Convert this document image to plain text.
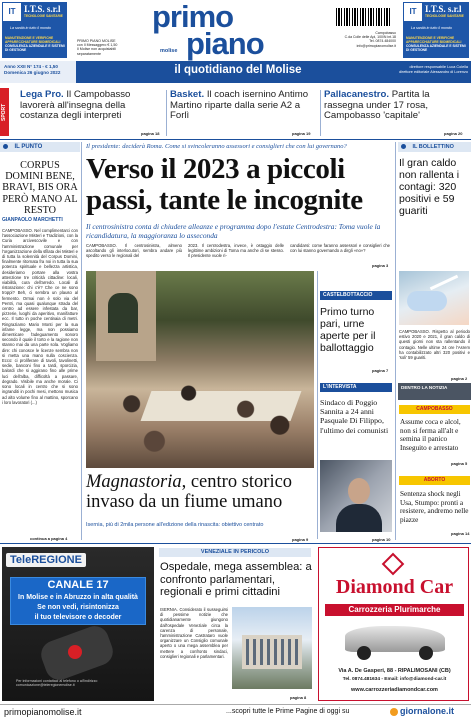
IT I.T.S. s.r.l
TECNOLOGIE SANITARIE
La sanità in tutto il mondo
MANUTENZIONE E VERIFICHE APPARECCHIATURE BIOMEDICALI
CONSULENZA AZIENDALE E SISTEMI DI GESTIONE
IT I.T.S. s.r.l
TECNOLOGIE SANITARIE
La sanità in tutto il mondo
MANUTENZIONE E VERIFICHE APPARECCHIATURE BIOMEDICALI
CONSULENZA AZIENDALE E SISTEMI DI GESTIONE
PRIMO PIANO MOLISE
con Il Messaggero € 1,50
Il Molise non acquistabili
separatamente
primo
piano
molise
Campobasso
C.da Colle delle Api, 100/N int.18
Tel. 0874.484000
info@primopianomolise.it
Anno XXII N° 174 - € 1,50
Domenica 26 giugno 2022	il quotidiano del Molise	direttore responsabile Luca Colella
direttore editoriale Alessandro di Lorenzo
SPORT
Lega Pro. Il Campobasso lavorerà all'insegna della costanza degli interpreti
pagina 18
Basket. Il coach isernino Antimo Martino riparte dalla serie A2 a Forlì
pagina 19
Pallacanestro. Partita la rassegna under 17 rosa, Campobasso 'capitale'
pagina 20
$^{IL PUNTO}$
CORPUS DOMINI BENE, BRAVI, BIS ORA PERÒ MANO AL RESTO
GIANPAOLO MARCHETTI
CAMPOBASSO. Nel complimentarci con l'associazione Misteri e Tradizioni, con la Curia arcivescovile e con l'amministrazione comunale per l'organizzazione della sfilata dei Misteri e di tutta la solennità del Corpus Domini, finalmente ritornata fra noi in tutta la sua potenza spirituale e bellezza artistica, desideriamo portare alla vostra attenzione tre criticità cittadine: locali, viabilità, cura dell'arredo. Locali di ristorazione: chi c'è? Che ce ne sono troppi? Beh, ci sembra un plauso al fermento. Ormai non è solo via del Pentri, ma quasi qualunque strada del centro ad essere infestata da bar, pizzerie, luoghi da aperitivo, manifatture ecc. Il tutto in poche centinaia di metri. Ringraziamo Mario Monti per la sua infame legge, ma non possiamo dimenticare l'adeguamento sonoro secondo il quale il torto e la ragione non stanno mai da una parte sola. Vogliamo dire: chi conosce le licenze sembra non si metta una mano sulla coscienza. Ecco: ci proliferare di tavoli, tavolinetti, sedie, banconi fino a tardi, sporcizia, balordi che si aggirano fino alle prime luci dell'alba, difficoltà a passare, degrado. Visibile ma anche morale. Ci sono locali in centro che si sono ingranditi in pochi mesi, mettono musica ad alto volume fino al mattino, sporcano i loro lavoratori (...)
continua a pagina 4
Il presidente: deciderà Roma. Come si svincoleranno assessori e consiglieri che con lui governano?
Verso il 2023 a piccoli passi, tante le incognite
Il centrosinistra conta di chiudere alleanze e programma dopo l'estate Centrodestra: Toma vuole la ricandidatura, la maggioranza lo asseconda
CAMPOBASSO. Il centrosinistra, almeno ascoltando gli interlocutori, sembra andare più spedito verso le regionali del
2023. Il centrodestra, invece, è ostaggio delle legittime ambizioni di Toma ma anche di se stesso. Il presidente vuole ri-
candidarsi: come faranno assessori e consiglieri che con lui stanno governando a dirgli «no»?
pagina 3
Magnastoria, centro storico invaso da un fiume umano
Isernia, più di 2mila persone all'edizione della rinascita: obiettivo centrato
pagina 9
CASTELBOTTACCIO
Primo turno pari, urne aperte per il ballottaggio
pagina 7
L'INTERVISTA
Sindaco di Poggio Sannita a 24 anni Pasquale Di Filippo, l'ultimo dei comunisti
pagina 10
$^{IL BOLLETTINO}$
Il gran caldo non rallenta i contagi: 320 positivi e 59 guariti
CAMPOBASSO. Rispetto al periodo estivo 2020 e 2021, il gran caldo di questi giorni non sta rallentando il contagio. Nelle ultime 24 ore l'Asrem ha contabilizzato altri 320 positivi e 'soli' 59 guariti.
pagina 2
DENTRO LA NOTIZIA
CAMPOBASSO
Assume coca e alcol, non si ferma all'alt e semina il panico Inseguito e arrestato
pagina 5
ABORTO
Sentenza shock negli Usa, Stumpo: pronti a resistere, andremo nelle piazze
pagina 14
TeleREGIONE
CANALE 17
In Molise e in Abruzzo in alta qualità
Se non vedi, risintonizza
il tuo televisore o decoder
Per informazioni contattaci al telefono o all'indirizzo comunicazione@teleregionemolise.it
VENEZIALE IN PERICOLO
Ospedale, mega assemblea: a confronto parlamentari, regionali e primi cittadini
ISERNIA. Considerato il susseguirsi di pessime notizie che quotidianamente giungono dall'ospedale Veneziale circa la carenza di personale, l'amministrazione Castrataro vuole organizzare un Consiglio comunale aperto o una mega assemblea per mettere a confronto sindaci, consiglieri regionali e parlamentari.
pagina 8
Diamond Car
Carrozzeria Plurimarche
Via A. De Gasperi, 88 - RIPALIMOSANI (CB)
Tel. 0874.481634 - Email: info@diamond-car.it
www.carrozzeriadiamondcar.com
primopianomolise.it	...scopri tutte le Prime Pagine di oggi su	giornalone.it
